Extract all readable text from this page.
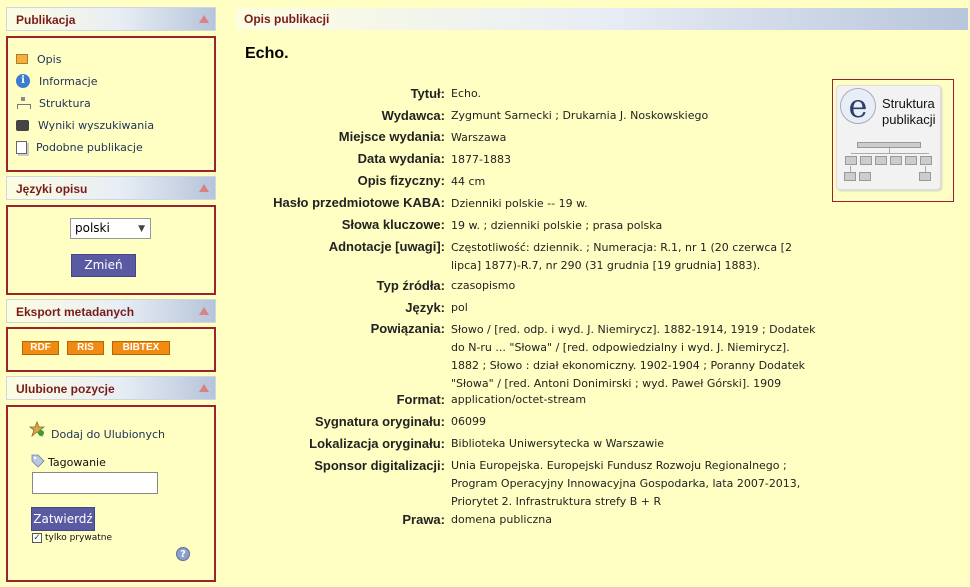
Publikacja
Opis
i	Informacje
Struktura
Wyniki wyszukiwania
Podobne publikacje
Języki opisu
polski	▼
Zmień
Eksport metadanych
RDF	RIS	BIBTEX
Ulubione pozycje
Dodaj do Ulubionych
Tagowanie
Zatwierdź
✓ tylko prywatne
?
Opis publikacji
Echo.
Tytuł: Echo.
Wydawca: Zygmunt Sarnecki ; Drukarnia J. Noskowskiego
Miejsce wydania: Warszawa
Data wydania: 1877-1883
Opis fizyczny: 44 cm
Hasło przedmiotowe KABA: Dzienniki polskie -- 19 w.
Słowa kluczowe: 19 w. ; dzienniki polskie ; prasa polska
Adnotacje [uwagi]: Częstotliwość: dziennik. ; Numeracja: R.1, nr 1 (20 czerwca [2 lipca] 1877)-R.7, nr 290 (31 grudnia [19 grudnia] 1883).
Typ źródła: czasopismo
Język: pol
Powiązania: Słowo / [red. odp. i wyd. J. Niemirycz]. 1882-1914, 1919 ; Dodatek do N-ru ... "Słowa" / [red. odpowiedzialny i wyd. J. Niemirycz]. 1882 ; Słowo : dział ekonomiczny. 1902-1904 ; Poranny Dodatek "Słowa" / [red. Antoni Donimirski ; wyd. Paweł Górski]. 1909
Format: application/octet-stream
Sygnatura oryginału: 06099
Lokalizacja oryginału: Biblioteka Uniwersytecka w Warszawie
Sponsor digitalizacji: Unia Europejska. Europejski Fundusz Rozwoju Regionalnego ; Program Operacyjny Innowacyjna Gospodarka, lata 2007-2013, Priorytet 2. Infrastruktura strefy B + R
Prawa: domena publiczna
e	Struktura
publikacji
